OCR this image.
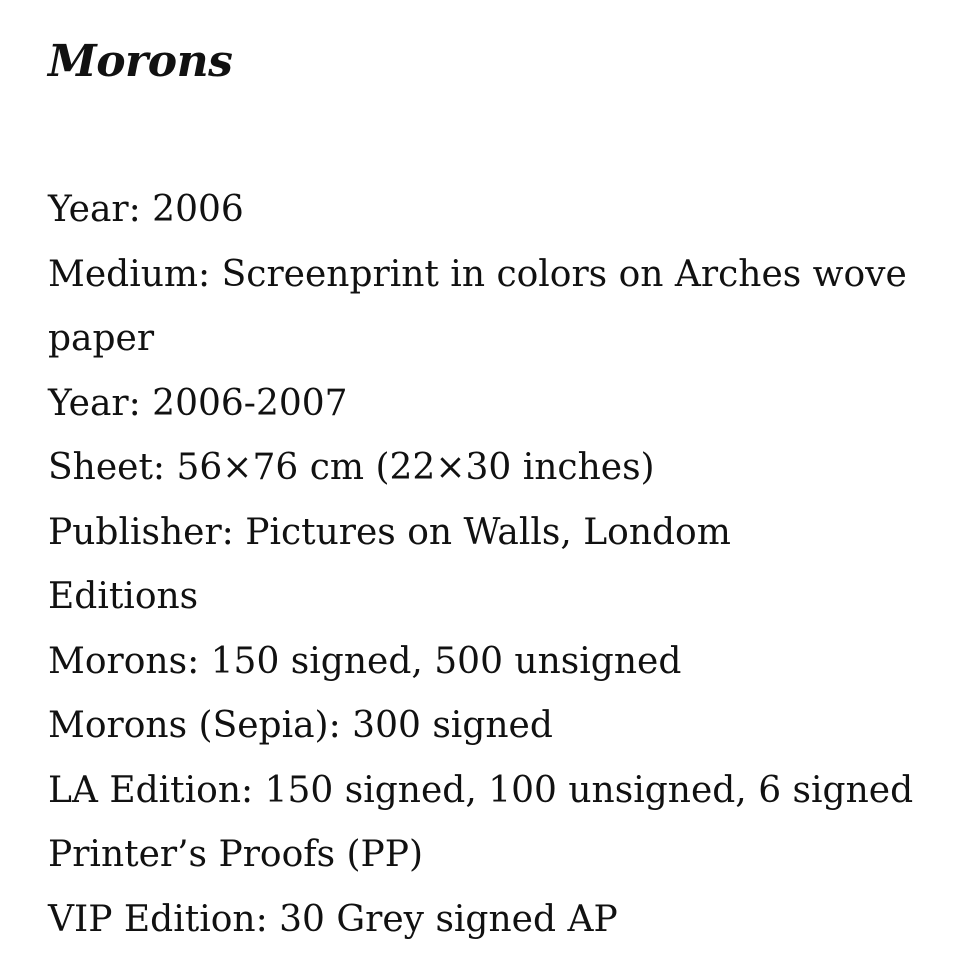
Morons

Year: 2006

Medium: Screenprint in colors on Arches wove paper

Year: 2006-2007

Sheet: 56×76 cm (22×30 inches)

Publisher: Pictures on Walls, Londom

Editions

Morons: 150 signed, 500 unsigned

Morons (Sepia): 300 signed

LA Edition: 150 signed, 100 unsigned, 6 signed Printer’s Proofs (PP)

VIP Edition: 30 Grey signed AP
